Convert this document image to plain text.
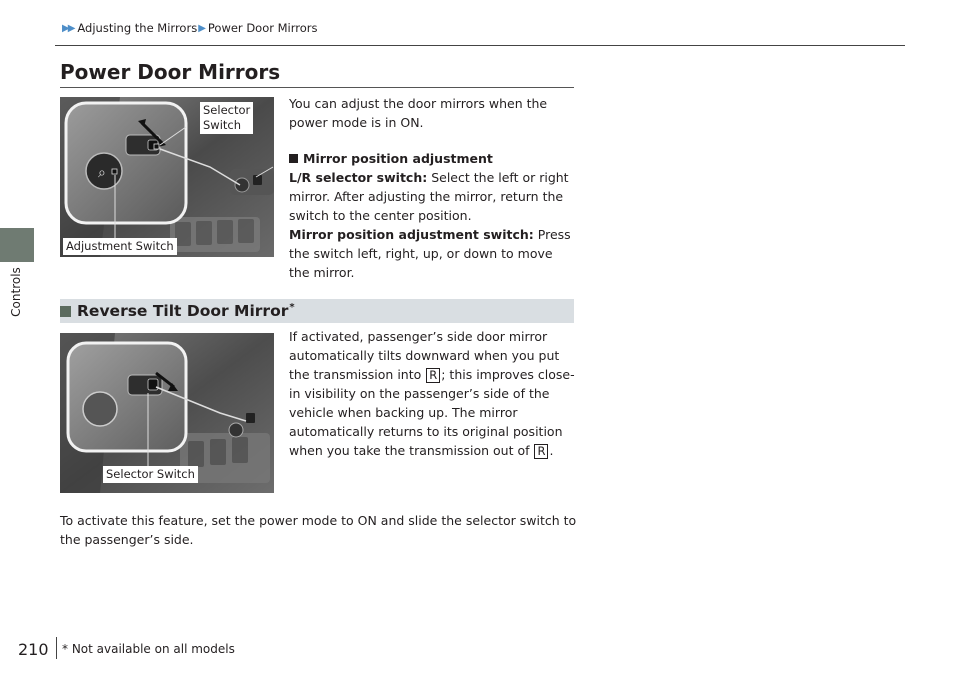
Controls
▶▶ Adjusting the Mirrors ▶ Power Door Mirrors
Power Door Mirrors
⌕
Selector
Switch
Adjustment Switch
You can adjust the door mirrors when the power mode is in ON.
Mirror position adjustment
L/R selector switch: Select the left or right mirror. After adjusting the mirror, return the switch to the center position.
Mirror position adjustment switch: Press the switch left, right, up, or down to move the mirror.
Reverse Tilt Door Mirror*
Selector Switch
If activated, passenger’s side door mirror automatically tilts downward when you put the transmission into R ; this improves close-in visibility on the passenger’s side of the vehicle when backing up. The mirror automatically returns to its original position when you take the transmission out of R .
To activate this feature, set the power mode to ON and slide the selector switch to the passenger’s side.
210 * Not available on all models
